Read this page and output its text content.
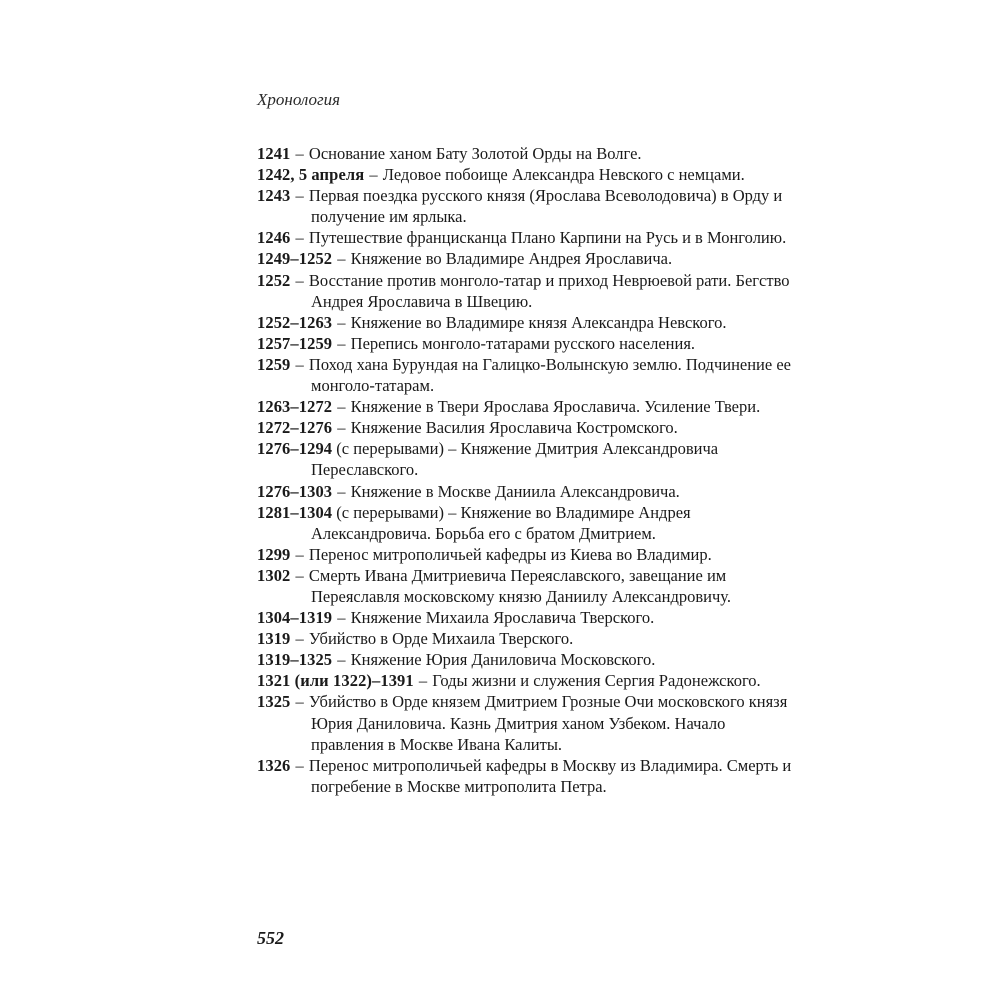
Хронология

1241 – Основание ханом Бату Золотой Орды на Волге.

1242, 5 апреля – Ледовое побоище Александра Невского с немцами.

1243 – Первая поездка русского князя (Ярослава Всеволодовича) в Орду и получение им ярлыка.

1246 – Путешествие францисканца Плано Карпини на Русь и в Монголию.

1249–1252 – Княжение во Владимире Андрея Ярославича.

1252 – Восстание против монголо-татар и приход Неврюевой рати. Бегство Андрея Ярославича в Швецию.

1252–1263 – Княжение во Владимире князя Александра Невского.

1257–1259 – Перепись монголо-татарами русского населения.

1259 – Поход хана Бурундая на Галицко-Волынскую землю. Подчинение ее монголо-татарам.

1263–1272 – Княжение в Твери Ярослава Ярославича. Усиление Твери.

1272–1276 – Княжение Василия Ярославича Костромского.

1276–1294 (с перерывами) – Княжение Дмитрия Александровича Переславского.

1276–1303 – Княжение в Москве Даниила Александровича.

1281–1304 (с перерывами) – Княжение во Владимире Андрея Александровича. Борьба его с братом Дмитрием.

1299 – Перенос митрополичьей кафедры из Киева во Владимир.

1302 – Смерть Ивана Дмитриевича Переяславского, завещание им Переяславля московскому князю Даниилу Александровичу.

1304–1319 – Княжение Михаила Ярославича Тверского.

1319 – Убийство в Орде Михаила Тверского.

1319–1325 – Княжение Юрия Даниловича Московского.

1321 (или 1322)–1391 – Годы жизни и служения Сергия Радонежского.

1325 – Убийство в Орде князем Дмитрием Грозные Очи московского князя Юрия Даниловича. Казнь Дмитрия ханом Узбеком. Начало правления в Москве Ивана Калиты.

1326 – Перенос митрополичьей кафедры в Москву из Владимира. Смерть и погребение в Москве митрополита Петра.

552
